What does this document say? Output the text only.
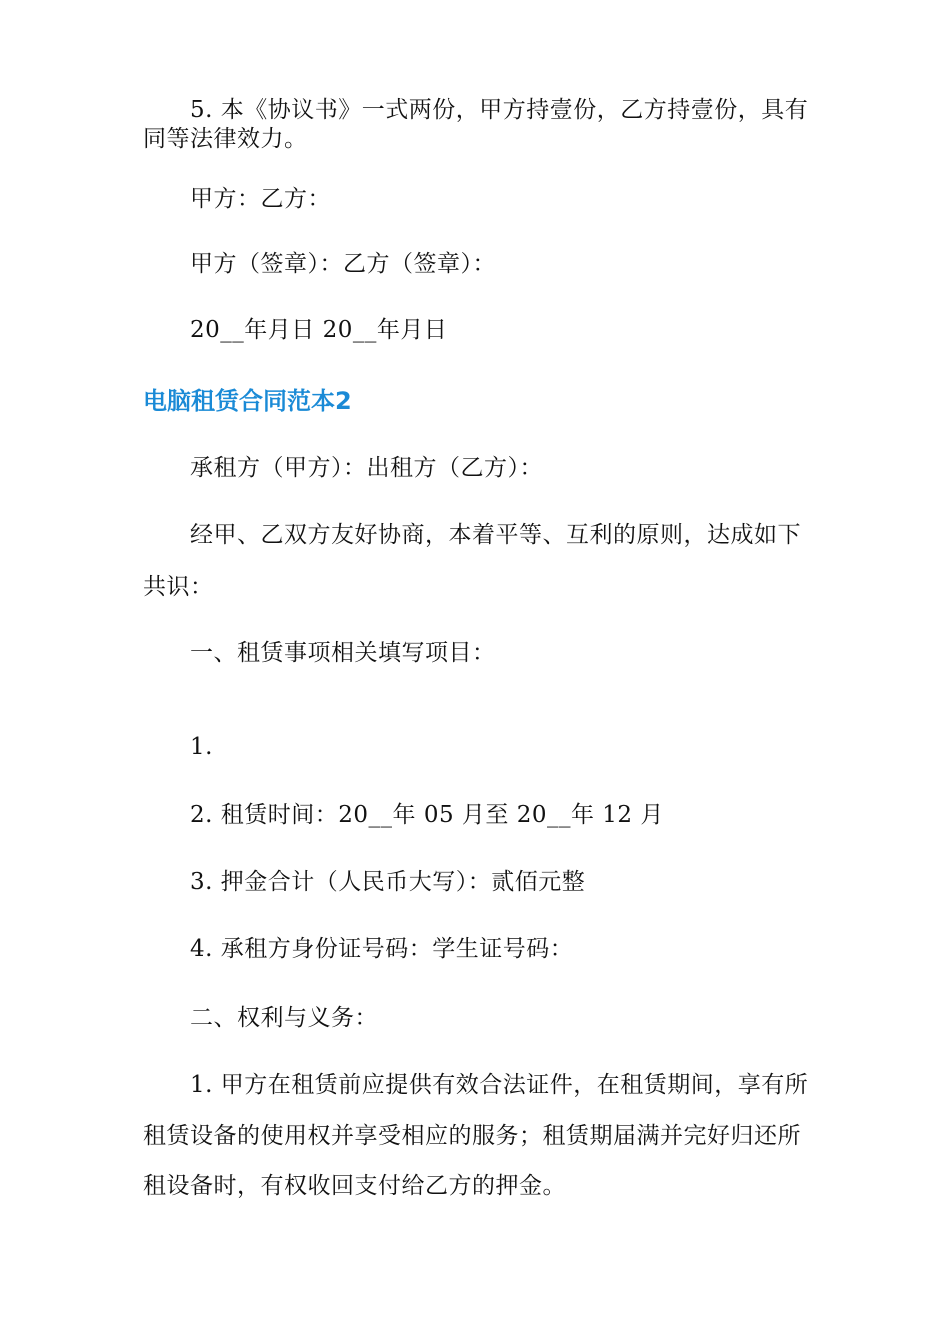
5. 本《协议书》一式两份，甲方持壹份，乙方持壹份，具有
同等法律效力。
甲方：乙方：
甲方（签章）：乙方（签章）：
20__年月日 20__年月日
电脑租赁合同范本2
承租方（甲方）：出租方（乙方）：
经甲、乙双方友好协商，本着平等、互利的原则，达成如下
共识：
一、租赁事项相关填写项目：
1.
2. 租赁时间：20__年 05 月至 20__年 12 月
3. 押金合计（人民币大写）：贰佰元整
4. 承租方身份证号码：学生证号码：
二、权利与义务：
1. 甲方在租赁前应提供有效合法证件，在租赁期间，享有所
租赁设备的使用权并享受相应的服务；租赁期届满并完好归还所
租设备时，有权收回支付给乙方的押金。
